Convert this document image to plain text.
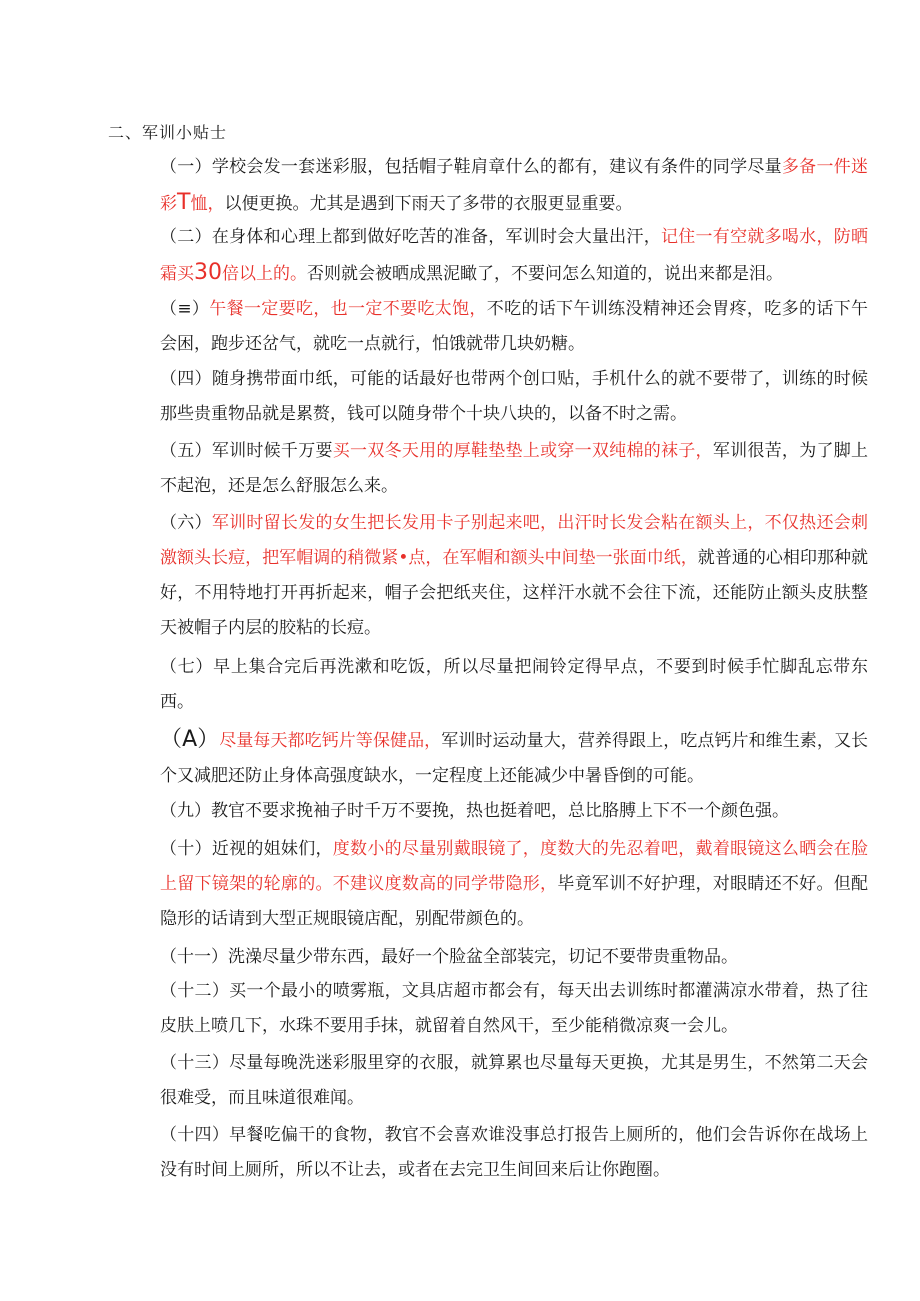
二、军训小贴士
（一）学校会发一套迷彩服，包括帽子鞋肩章什么的都有，建议有条件的同学尽量多备一件迷彩T恤，以便更换。尤其是遇到下雨天了多带的衣服更显重要。
（二）在身体和心理上都到做好吃苦的准备，军训时会大量出汗，记住一有空就多喝水，防晒霜买30倍以上的。否则就会被晒成黑泥瞰了，不要问怎么知道的，说出来都是泪。
（≡）午餐一定要吃，也一定不要吃太饱，不吃的话下午训练没精神还会胃疼，吃多的话下午会困，跑步还岔气，就吃一点就行，怕饿就带几块奶糖。
（四）随身携带面巾纸，可能的话最好也带两个创口贴，手机什么的就不要带了，训练的时候那些贵重物品就是累赘，钱可以随身带个十块八块的，以备不时之需。
（五）军训时候千万要买一双冬天用的厚鞋垫垫上或穿一双纯棉的袜子，军训很苦，为了脚上不起泡，还是怎么舒服怎么来。
（六）军训时留长发的女生把长发用卡子别起来吧，出汗时长发会粘在额头上，不仅热还会刺激额头长痘，把军帽调的稍微紧•点，在军帽和额头中间垫一张面巾纸，就普通的心相印那种就好，不用特地打开再折起来，帽子会把纸夹住，这样汗水就不会往下流，还能防止额头皮肤整天被帽子内层的胶粘的长痘。
（七）早上集合完后再洗漱和吃饭，所以尽量把闹铃定得早点，不要到时候手忙脚乱忘带东西。
（A）尽量每天都吃钙片等保健品，军训时运动量大，营养得跟上，吃点钙片和维生素，又长个又减肥还防止身体高强度缺水，一定程度上还能减少中暑昏倒的可能。
（九）教官不要求挽袖子时千万不要挽，热也挺着吧，总比胳膊上下不一个颜色强。
（十）近视的姐妹们，度数小的尽量别戴眼镜了，度数大的先忍着吧，戴着眼镜这么晒会在脸上留下镜架的轮廓的。不建议度数高的同学带隐形，毕竟军训不好护理，对眼睛还不好。但配隐形的话请到大型正规眼镜店配，别配带颜色的。
（十一）洗澡尽量少带东西，最好一个脸盆全部装完，切记不要带贵重物品。
（十二）买一个最小的喷雾瓶，文具店超市都会有，每天出去训练时都灌满凉水带着，热了往皮肤上喷几下，水珠不要用手抹，就留着自然风干，至少能稍微凉爽一会儿。
（十三）尽量每晚洗迷彩服里穿的衣服，就算累也尽量每天更换，尤其是男生，不然第二天会很难受，而且味道很难闻。
（十四）早餐吃偏干的食物，教官不会喜欢谁没事总打报告上厕所的，他们会告诉你在战场上没有时间上厕所，所以不让去，或者在去完卫生间回来后让你跑圈。
